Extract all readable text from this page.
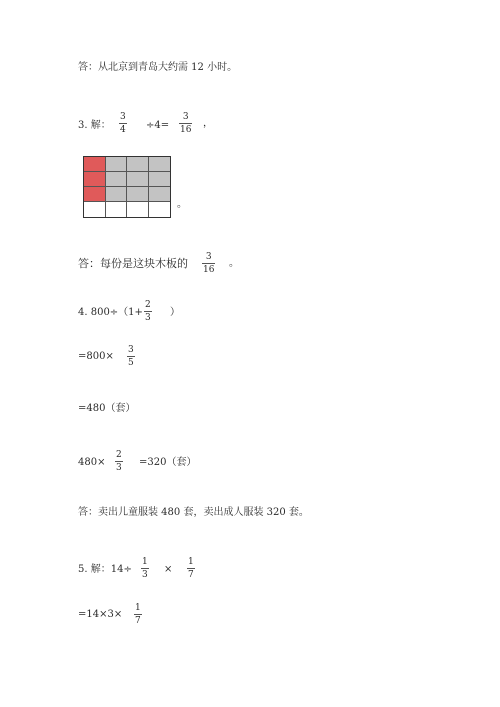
答：从北京到青岛大约需 12 小时。
3. 解：
3
4 ÷4=
3
16
，
。
答：每份是这块木板的 3
16
。
4. 800÷（1+
2
3 ）
=800×
3
5
=480（套）
480×
2
3 =320（套）
答：卖出儿童服装 480 套，卖出成人服装 320 套。
5. 解：14÷
1
3 ×
1
7
=14×3×
1
7
